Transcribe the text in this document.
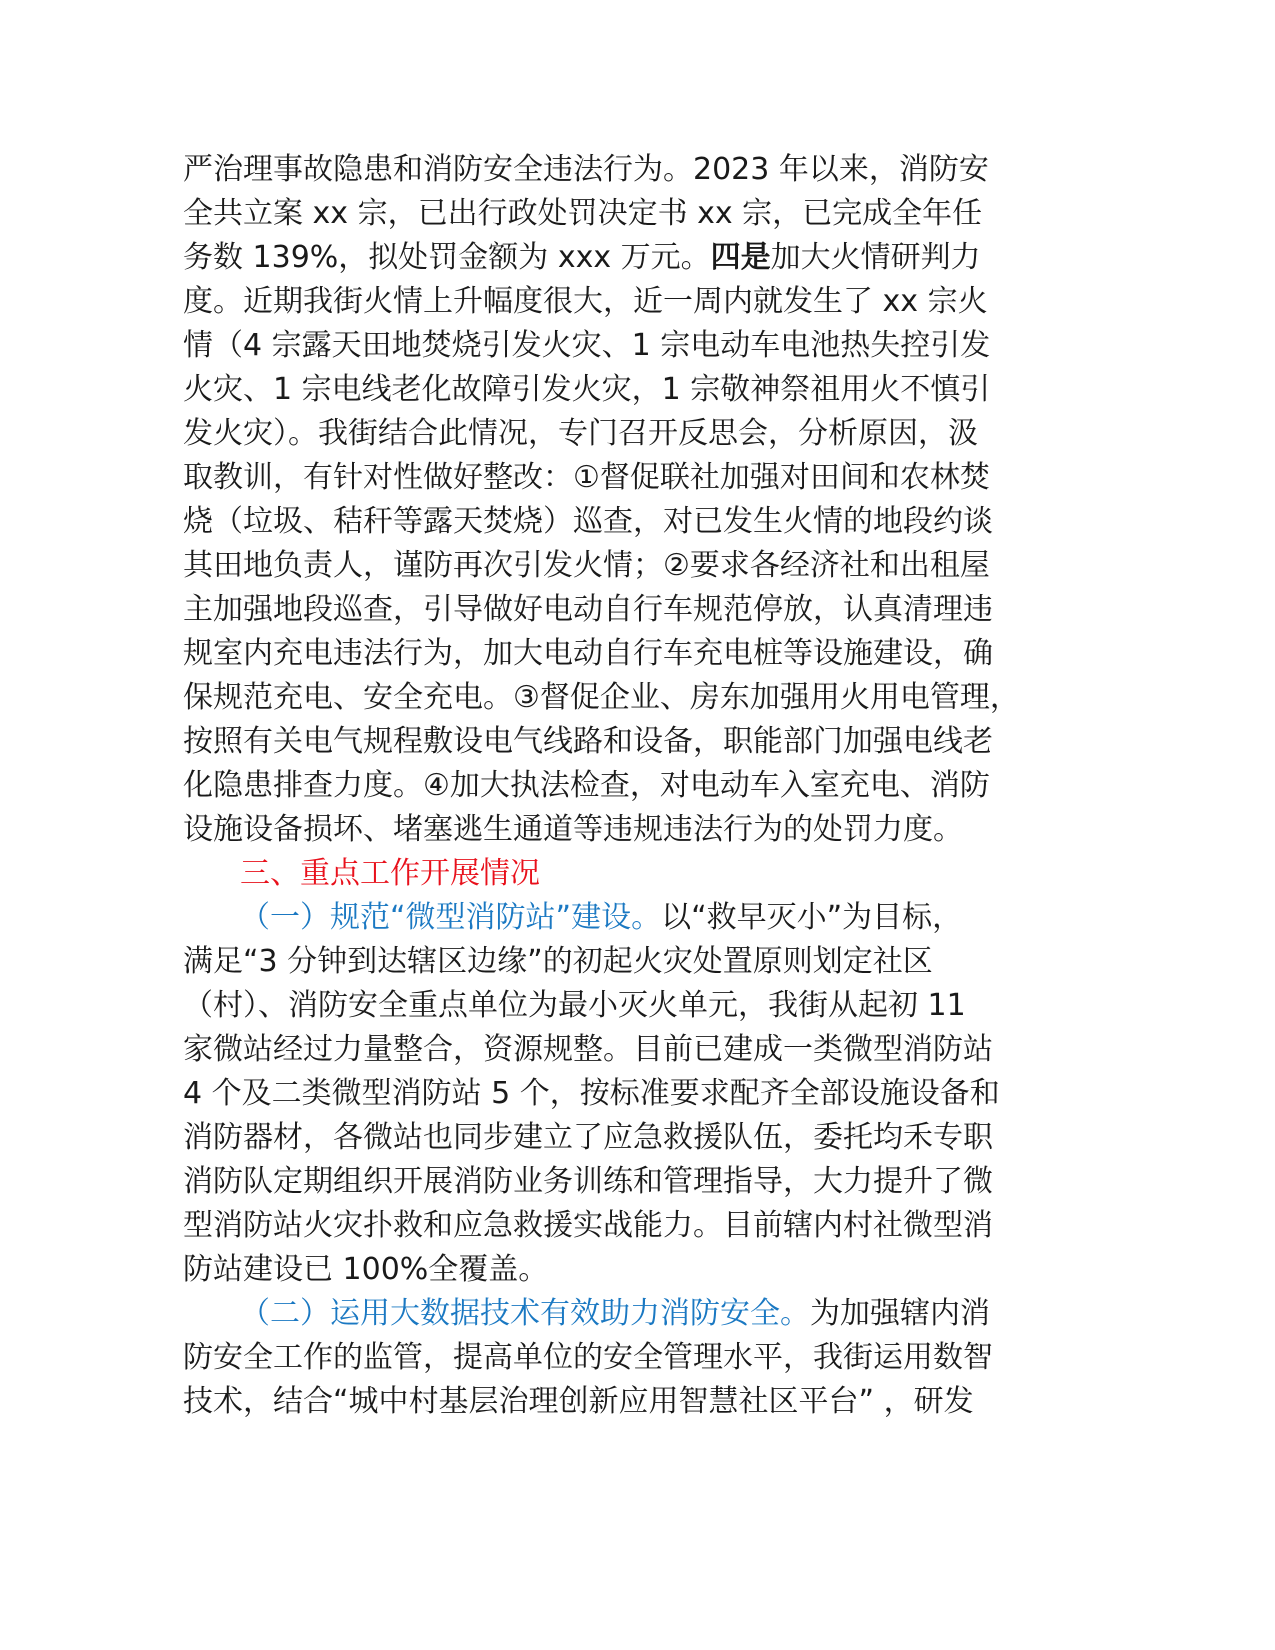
严治理事故隐患和消防安全违法行为。2023 年以来，消防安

全共立案 xx 宗，已出行政处罚决定书 xx 宗，已完成全年任

务数 139%，拟处罚金额为 xxx 万元。四是加大火情研判力

度。近期我街火情上升幅度很大，近一周内就发生了 xx 宗火

情（4 宗露天田地焚烧引发火灾、1 宗电动车电池热失控引发

火灾、1 宗电线老化故障引发火灾，1 宗敬神祭祖用火不慎引

发火灾）。我街结合此情况，专门召开反思会，分析原因，汲

取教训，有针对性做好整改：①督促联社加强对田间和农林焚

烧（垃圾、秸秆等露天焚烧）巡查，对已发生火情的地段约谈

其田地负责人，谨防再次引发火情；②要求各经济社和出租屋

主加强地段巡查，引导做好电动自行车规范停放，认真清理违

规室内充电违法行为，加大电动自行车充电桩等设施建设，确

保规范充电、安全充电。③督促企业、房东加强用火用电管理，

按照有关电气规程敷设电气线路和设备，职能部门加强电线老

化隐患排查力度。④加大执法检查，对电动车入室充电、消防

设施设备损坏、堵塞逃生通道等违规违法行为的处罚力度。

三、重点工作开展情况

（一）规范“微型消防站”建设。以“救早灭小”为目标，

满足“3 分钟到达辖区边缘”的初起火灾处置原则划定社区

（村）、消防安全重点单位为最小灭火单元，我街从起初 11

家微站经过力量整合，资源规整。目前已建成一类微型消防站

4 个及二类微型消防站 5 个，按标准要求配齐全部设施设备和

消防器材，各微站也同步建立了应急救援队伍，委托均禾专职

消防队定期组织开展消防业务训练和管理指导，大力提升了微

型消防站火灾扑救和应急救援实战能力。目前辖内村社微型消

防站建设已 100%全覆盖。

（二）运用大数据技术有效助力消防安全。为加强辖内消

防安全工作的监管，提高单位的安全管理水平，我街运用数智

技术，结合“城中村基层治理创新应用智慧社区平台” ，研发
